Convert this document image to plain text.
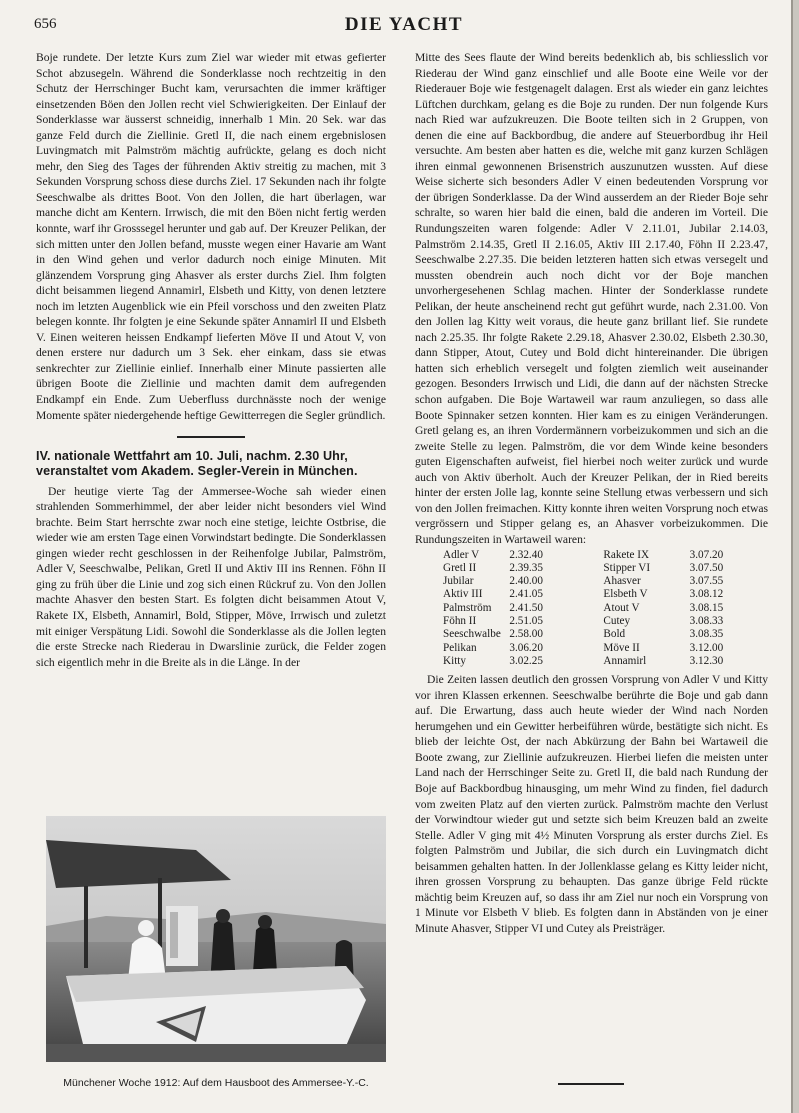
656	DIE YACHT

Boje rundete. Der letzte Kurs zum Ziel war wieder mit etwas gefierter Schot abzusegeln. Während die Sonderklasse noch rechtzeitig in den Schutz der Herrschinger Bucht kam, verursachten die immer kräftiger einsetzenden Böen den Jollen recht viel Schwierigkeiten. Der Einlauf der Sonderklasse war äusserst schneidig, innerhalb 1 Min. 20 Sek. war das ganze Feld durch die Ziellinie. Gretl II, die nach einem ergebnislosen Luvingmatch mit Palmström mächtig aufrückte, gelang es doch nicht mehr, den Sieg des Tages der führenden Aktiv streitig zu machen, mit 3 Sekunden Vorsprung schoss diese durchs Ziel. 17 Sekunden nach ihr folgte Seeschwalbe als drittes Boot. Von den Jollen, die hart überlagen, war manche dicht am Kentern. Irrwisch, die mit den Böen nicht fertig werden konnte, warf ihr Grosssegel herunter und gab auf. Der Kreuzer Pelikan, der sich mitten unter den Jollen befand, musste wegen einer Havarie am Want in den Wind gehen und verlor dadurch noch einige Minuten. Mit glänzendem Vorsprung ging Ahasver als erster durchs Ziel. Ihm folgten dicht beisammen liegend Annamirl, Elsbeth und Kitty, von denen letztere noch im letzten Augenblick wie ein Pfeil vorschoss und den zweiten Platz belegen konnte. Ihr folgten je eine Sekunde später Annamirl II und Elsbeth V. Einen weiteren heissen Endkampf lieferten Möve II und Atout V, von denen erstere nur dadurch um 3 Sek. eher einkam, dass sie etwas senkrechter zur Ziellinie einlief. Innerhalb einer Minute passierten alle übrigen Boote die Ziellinie und machten damit dem aufregenden Endkampf ein Ende. Zum Ueberfluss durchnässte noch der wenige Momente später niedergehende heftige Gewitterregen die Segler gründlich.

IV. nationale Wettfahrt am 10. Juli, nachm. 2.30 Uhr, veranstaltet vom Akadem. Segler-Verein in München.

Der heutige vierte Tag der Ammersee-Woche sah wieder einen strahlenden Sommerhimmel, der aber leider nicht besonders viel Wind brachte. Beim Start herrschte zwar noch eine stetige, leichte Ostbrise, die wieder wie am ersten Tage einen Vorwindstart bedingte. Die Sonderklassen gingen wieder recht geschlossen in der Reihenfolge Jubilar, Palmström, Adler V, Seeschwalbe, Pelikan, Gretl II und Aktiv III ins Rennen. Föhn II ging zu früh über die Linie und zog sich einen Rückruf zu. Von den Jollen machte Ahasver den besten Start. Es folgten dicht beisammen Atout V, Rakete IX, Elsbeth, Annamirl, Bold, Stipper, Möve, Irrwisch und zuletzt mit einiger Verspätung Lidi. Sowohl die Sonderklasse als die Jollen legten die erste Strecke nach Riederau in Dwarslinie zurück, die Felder zogen sich eigentlich mehr in die Breite als in die Länge. In der

Münchener Woche 1912: Auf dem Hausboot des Ammersee-Y.-C.

Mitte des Sees flaute der Wind bereits bedenklich ab, bis schliesslich vor Riederau der Wind ganz einschlief und alle Boote eine Weile vor der Riederauer Boje wie festgenagelt dalagen. Erst als wieder ein ganz leichtes Lüftchen durchkam, gelang es die Boje zu runden. Der nun folgende Kurs nach Ried war aufzukreuzen. Die Boote teilten sich in 2 Gruppen, von denen die eine auf Backbordbug, die andere auf Steuerbordbug ihr Heil versuchte. Am besten aber hatten es die, welche mit ganz kurzen Schlägen ihren einmal gewonnenen Brisenstrich auszunutzen wussten. Auf diese Weise sicherte sich besonders Adler V einen bedeutenden Vorsprung vor der übrigen Sonderklasse. Da der Wind ausserdem an der Rieder Boje sehr schralte, so waren hier bald die einen, bald die anderen im Vorteil. Die Rundungszeiten waren folgende: Adler V 2.11.01, Jubilar 2.14.03, Palmström 2.14.35, Gretl II 2.16.05, Aktiv III 2.17.40, Föhn II 2.23.47, Seeschwalbe 2.27.35. Die beiden letzteren hatten sich etwas versegelt und mussten obendrein auch noch dicht vor der Boje manchen unvorhergesehenen Schlag machen. Hinter der Sonderklasse rundete Pelikan, der heute anscheinend recht gut geführt wurde, nach 2.31.00. Von den Jollen lag Kitty weit voraus, die heute ganz brillant lief. Sie rundete nach 2.25.35. Ihr folgte Rakete 2.29.18, Ahasver 2.30.02, Elsbeth 2.30.30, dann Stipper, Atout, Cutey und Bold dicht hintereinander. Die übrigen hatten sich erheblich versegelt und folgten ziemlich weit auseinander gezogen. Besonders Irrwisch und Lidi, die dann auf der nächsten Strecke schon aufgaben. Die Boje Wartaweil war raum anzuliegen, so dass alle Boote Spinnaker setzen konnten. Hier kam es zu einigen Veränderungen. Gretl gelang es, an ihren Vordermännern vorbeizukommen und sich an die zweite Stelle zu legen. Palmström, die vor dem Winde keine besonders guten Eigenschaften aufweist, fiel hierbei noch weiter zurück und wurde auch von Aktiv überholt. Auch der Kreuzer Pelikan, der in Ried bereits hinter der ersten Jolle lag, konnte seine Stellung etwas verbessern und sich von den Jollen freimachen. Kitty konnte ihren weiten Vorsprung noch etwas vergrössern und Stipper gelang es, an Ahasver vorbeizukommen. Die Rundungszeiten in Wartaweil waren:

Adler V	2.32.40	Rakete IX	3.07.20
Gretl II	2.39.35	Stipper VI	3.07.50
Jubilar	2.40.00	Ahasver	3.07.55
Aktiv III	2.41.05	Elsbeth V	3.08.12
Palmström	2.41.50	Atout V	3.08.15
Föhn II	2.51.05	Cutey	3.08.33
Seeschwalbe	2.58.00	Bold	3.08.35
Pelikan	3.06.20	Möve II	3.12.00
Kitty	3.02.25	Annamirl	3.12.30

Die Zeiten lassen deutlich den grossen Vorsprung von Adler V und Kitty vor ihren Klassen erkennen. Seeschwalbe berührte die Boje und gab dann auf. Die Erwartung, dass auch heute wieder der Wind nach Norden herumgehen und ein Gewitter herbeiführen würde, bestätigte sich nicht. Es blieb der leichte Ost, der nach Abkürzung der Bahn bei Wartaweil die Boote zwang, zur Ziellinie aufzukreuzen. Hierbei liefen die meisten unter Land nach der Herrschinger Seite zu. Gretl II, die bald nach Rundung der Boje auf Backbordbug hinausging, um mehr Wind zu finden, fiel dadurch vom zweiten Platz auf den vierten zurück. Palmström machte den Verlust der Vorwindtour wieder gut und setzte sich beim Kreuzen bald an zweite Stelle. Adler V ging mit 4½ Minuten Vorsprung als erster durchs Ziel. Es folgten Palmström und Jubilar, die sich durch ein Luvingmatch dicht beisammen gehalten hatten. In der Jollenklasse gelang es Kitty leider nicht, ihren grossen Vorsprung zu behaupten. Das ganze übrige Feld rückte mächtig beim Kreuzen auf, so dass ihr am Ziel nur noch ein Vorsprung von 1 Minute vor Elsbeth V blieb. Es folgten dann in Abständen von je einer Minute Ahasver, Stipper VI und Cutey als Preisträger.
